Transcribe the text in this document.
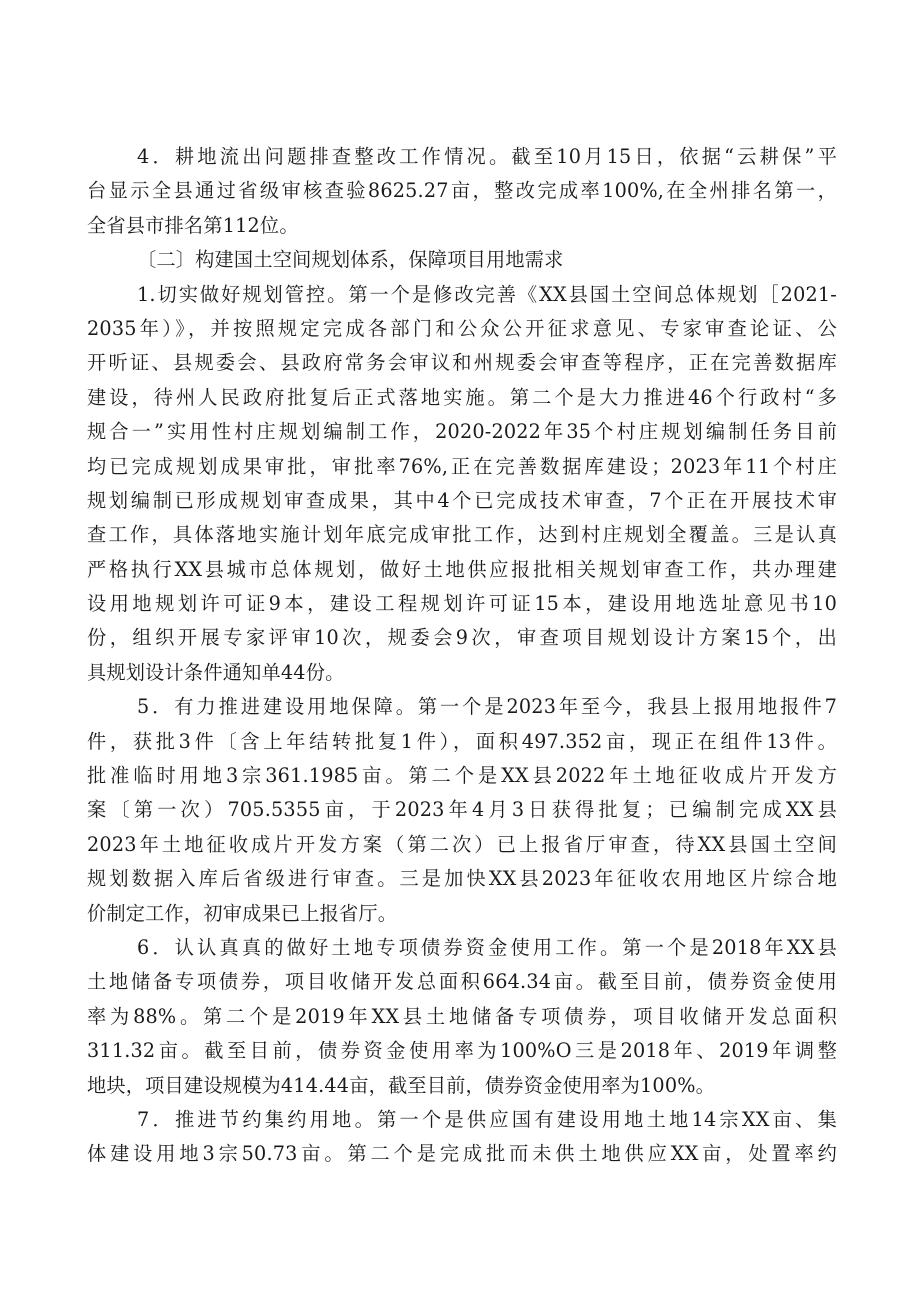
4．耕地流出问题排查整改工作情况。截至10月15日，依据“云耕保”平
台显示全县通过省级审核查验8625.27亩，整改完成率100%,在全州排名第一，
全省县市排名第112位。
〔二〕构建国土空间规划体系，保障项目用地需求
1.切实做好规划管控。第一个是修改完善《XX县国土空间总体规划［2021-
2035年）》，并按照规定完成各部门和公众公开征求意见、专家审查论证、公
开听证、县规委会、县政府常务会审议和州规委会审查等程序，正在完善数据库
建设，待州人民政府批复后正式落地实施。第二个是大力推进46个行政村“多
规合一”实用性村庄规划编制工作，2020-2022年35个村庄规划编制任务目前
均已完成规划成果审批，审批率76%,正在完善数据库建设；2023年11个村庄
规划编制已形成规划审查成果，其中4个已完成技术审查，7个正在开展技术审
查工作，具体落地实施计划年底完成审批工作，达到村庄规划全覆盖。三是认真
严格执行XX县城市总体规划，做好土地供应报批相关规划审查工作，共办理建
设用地规划许可证9本，建设工程规划许可证15本，建设用地选址意见书10
份，组织开展专家评审10次，规委会9次，审查项目规划设计方案15个，出
具规划设计条件通知单44份。
5．有力推进建设用地保障。第一个是2023年至今，我县上报用地报件7
件，获批3件〔含上年结转批复1件），面积497.352亩，现正在组件13件。
批准临时用地3宗361.1985亩。第二个是XX县2022年土地征收成片开发方
案〔第一次）705.5355亩，于2023年4月3日获得批复；已编制完成XX县
2023年土地征收成片开发方案（第二次）已上报省厅审查，待XX县国土空间
规划数据入库后省级进行审查。三是加快XX县2023年征收农用地区片综合地
价制定工作，初审成果已上报省厅。
6．认认真真的做好土地专项债券资金使用工作。第一个是2018年XX县
土地储备专项债券，项目收储开发总面积664.34亩。截至目前，债券资金使用
率为88%。第二个是2019年XX县土地储备专项债券，项目收储开发总面积
311.32亩。截至目前，债券资金使用率为100%O三是2018年、2019年调整
地块，项目建设规模为414.44亩，截至目前，债券资金使用率为100%。
7．推进节约集约用地。第一个是供应国有建设用地土地14宗XX亩、集
体建设用地3宗50.73亩。第二个是完成批而未供土地供应XX亩，处置率约
